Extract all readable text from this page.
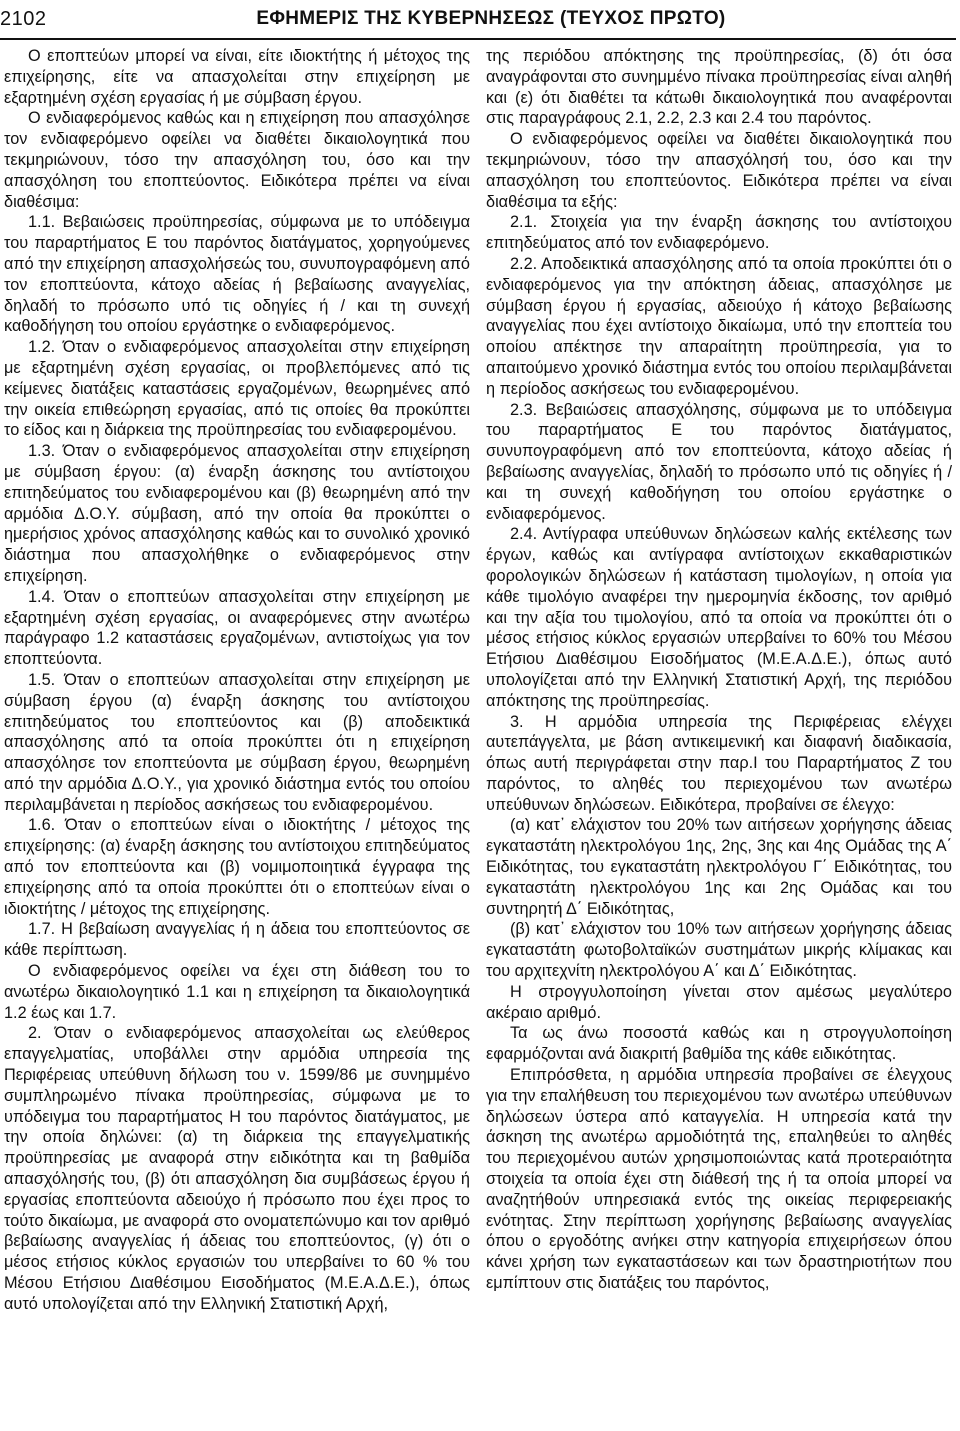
2102	ΕΦΗΜΕΡΙΣ ΤΗΣ ΚΥΒΕΡΝΗΣΕΩΣ (ΤΕΥΧΟΣ ΠΡΩΤΟ)

Ο εποπτεύων μπορεί να είναι, είτε ιδιοκτήτης ή μέτοχος της επιχείρησης, είτε να απασχολείται στην επιχείρηση με εξαρτημένη σχέση εργασίας ή με σύμβαση έργου.

Ο ενδιαφερόμενος καθώς και η επιχείρηση που απασχόλησε τον ενδιαφερόμενο οφείλει να διαθέτει δικαιολογητικά που τεκμηριώνουν, τόσο την απασχόληση του, όσο και την απασχόληση του εποπτεύοντος. Ειδικότερα πρέπει να είναι διαθέσιμα:

1.1. Βεβαιώσεις προϋπηρεσίας, σύμφωνα με το υπόδειγμα του παραρτήματος Ε του παρόντος διατάγματος, χορηγούμενες από την επιχείρηση απασχολήσεώς του, συνυπογραφόμενη από τον εποπτεύοντα, κάτοχο αδείας ή βεβαίωσης αναγγελίας, δηλαδή το πρόσωπο υπό τις οδηγίες ή / και τη συνεχή καθοδήγηση του οποίου εργάστηκε ο ενδιαφερόμενος.

1.2. Όταν ο ενδιαφερόμενος απασχολείται στην επιχείρηση με εξαρτημένη σχέση εργασίας, οι προβλεπόμενες από τις κείμενες διατάξεις καταστάσεις εργαζομένων, θεωρημένες από την οικεία επιθεώρηση εργασίας, από τις οποίες θα προκύπτει το είδος και η διάρκεια της προϋπηρεσίας του ενδιαφερομένου.

1.3. Όταν ο ενδιαφερόμενος απασχολείται στην επιχείρηση με σύμβαση έργου: (α) έναρξη άσκησης του αντίστοιχου επιτηδεύματος του ενδιαφερομένου και (β) θεωρημένη από την αρμόδια Δ.Ο.Υ. σύμβαση, από την οποία θα προκύπτει ο ημερήσιος χρόνος απασχόλησης καθώς και το συνολικό χρονικό διάστημα που απασχολήθηκε ο ενδιαφερόμενος στην επιχείρηση.

1.4. Όταν ο εποπτεύων απασχολείται στην επιχείρηση με εξαρτημένη σχέση εργασίας, οι αναφερόμενες στην ανωτέρω παράγραφο 1.2 καταστάσεις εργαζομένων, αντιστοίχως για τον εποπτεύοντα.

1.5. Όταν ο εποπτεύων απασχολείται στην επιχείρηση με σύμβαση έργου (α) έναρξη άσκησης του αντίστοιχου επιτηδεύματος του εποπτεύοντος και (β) αποδεικτικά απασχόλησης από τα οποία προκύπτει ότι η επιχείρηση απασχόλησε τον εποπτεύοντα με σύμβαση έργου, θεωρημένη από την αρμόδια Δ.Ο.Υ., για χρονικό διάστημα εντός του οποίου περιλαμβάνεται η περίοδος ασκήσεως του ενδιαφερομένου.

1.6. Όταν ο εποπτεύων είναι ο ιδιοκτήτης / μέτοχος της επιχείρησης: (α) έναρξη άσκησης του αντίστοιχου επιτηδεύματος από τον εποπτεύοντα και (β) νομιμοποιητικά έγγραφα της επιχείρησης από τα οποία προκύπτει ότι ο εποπτεύων είναι ο ιδιοκτήτης / μέτοχος της επιχείρησης.

1.7. Η βεβαίωση αναγγελίας ή η άδεια του εποπτεύοντος σε κάθε περίπτωση.

Ο ενδιαφερόμενος οφείλει να έχει στη διάθεση του το ανωτέρω δικαιολογητικό 1.1 και η επιχείρηση τα δικαιολογητικά 1.2 έως και 1.7.

2. Όταν ο ενδιαφερόμενος απασχολείται ως ελεύθερος επαγγελματίας, υποβάλλει στην αρμόδια υπηρεσία της Περιφέρειας υπεύθυνη δήλωση του ν. 1599/86 με συνημμένο συμπληρωμένο πίνακα προϋπηρεσίας, σύμφωνα με το υπόδειγμα του παραρτήματος Η του παρόντος διατάγματος, με την οποία δηλώνει: (α) τη διάρκεια της επαγγελματικής προϋπηρεσίας με αναφορά στην ειδικότητα και τη βαθμίδα απασχόλησής του, (β) ότι απασχόληση δια συμβάσεως έργου ή εργασίας εποπτεύοντα αδειούχο ή πρόσωπο που έχει προς το τούτο δικαίωμα, με αναφορά στο ονοματεπώνυμο και τον αριθμό βεβαίωσης αναγγελίας ή άδειας του εποπτεύοντος, (γ) ότι ο μέσος ετήσιος κύκλος εργασιών του υπερβαίνει το 60 % του Μέσου Ετήσιου Διαθέσιμου Εισοδήματος (Μ.Ε.Α.Δ.Ε.), όπως αυτό υπολογίζεται από την Ελληνική Στατιστική Αρχή,

της περιόδου απόκτησης της προϋπηρεσίας, (δ) ότι όσα αναγράφονται στο συνημμένο πίνακα προϋπηρεσίας είναι αληθή και (ε) ότι διαθέτει τα κάτωθι δικαιολογητικά που αναφέρονται στις παραγράφους 2.1, 2.2, 2.3 και 2.4 του παρόντος.

Ο ενδιαφερόμενος οφείλει να διαθέτει δικαιολογητικά που τεκμηριώνουν, τόσο την απασχόλησή του, όσο και την απασχόληση του εποπτεύοντος. Ειδικότερα πρέπει να είναι διαθέσιμα τα εξής:

2.1. Στοιχεία για την έναρξη άσκησης του αντίστοιχου επιτηδεύματος από τον ενδιαφερόμενο.

2.2. Αποδεικτικά απασχόλησης από τα οποία προκύπτει ότι ο ενδιαφερόμενος για την απόκτηση άδειας, απασχόλησε με σύμβαση έργου ή εργασίας, αδειούχο ή κάτοχο βεβαίωσης αναγγελίας που έχει αντίστοιχο δικαίωμα, υπό την εποπτεία του οποίου απέκτησε την απαραίτητη προϋπηρεσία, για το απαιτούμενο χρονικό διάστημα εντός του οποίου περιλαμβάνεται η περίοδος ασκήσεως του ενδιαφερομένου.

2.3. Βεβαιώσεις απασχόλησης, σύμφωνα με το υπόδειγμα του παραρτήματος Ε του παρόντος διατάγματος, συνυπογραφόμενη από τον εποπτεύοντα, κάτοχο αδείας ή βεβαίωσης αναγγελίας, δηλαδή το πρόσωπο υπό τις οδηγίες ή / και τη συνεχή καθοδήγηση του οποίου εργάστηκε ο ενδιαφερόμενος.

2.4. Αντίγραφα υπεύθυνων δηλώσεων καλής εκτέλεσης των έργων, καθώς και αντίγραφα αντίστοιχων εκκαθαριστικών φορολογικών δηλώσεων ή κατάσταση τιμολογίων, η οποία για κάθε τιμολόγιο αναφέρει την ημερομηνία έκδοσης, τον αριθμό και την αξία του τιμολογίου, από τα οποία να προκύπτει ότι ο μέσος ετήσιος κύκλος εργασιών υπερβαίνει το 60% του Μέσου Ετήσιου Διαθέσιμου Εισοδήματος (Μ.Ε.Α.Δ.Ε.), όπως αυτό υπολογίζεται από την Ελληνική Στατιστική Αρχή, της περιόδου απόκτησης της προϋπηρεσίας.

3. Η αρμόδια υπηρεσία της Περιφέρειας ελέγχει αυτεπάγγελτα, με βάση αντικειμενική και διαφανή διαδικασία, όπως αυτή περιγράφεται στην παρ.Ι του Παραρτήματος Ζ του παρόντος, το αληθές του περιεχομένου των ανωτέρω υπεύθυνων δηλώσεων. Ειδικότερα, προβαίνει σε έλεγχο:

(α) κατ᾽ ελάχιστον του 20% των αιτήσεων χορήγησης άδειας εγκαταστάτη ηλεκτρολόγου 1ης, 2ης, 3ης και 4ης Ομάδας της Α΄ Ειδικότητας, του εγκαταστάτη ηλεκτρολόγου Γ΄ Ειδικότητας, του εγκαταστάτη ηλεκτρολόγου 1ης και 2ης Ομάδας και του συντηρητή Δ΄ Ειδικότητας,

(β) κατ᾽ ελάχιστον του 10% των αιτήσεων χορήγησης άδειας εγκαταστάτη φωτοβολταϊκών συστημάτων μικρής κλίμακας και του αρχιτεχνίτη ηλεκτρολόγου Α΄ και Δ΄ Ειδικότητας.

Η στρογγυλοποίηση γίνεται στον αμέσως μεγαλύτερο ακέραιο αριθμό.

Τα ως άνω ποσοστά καθώς και η στρογγυλοποίηση εφαρμόζονται ανά διακριτή βαθμίδα της κάθε ειδικότητας.

Επιπρόσθετα, η αρμόδια υπηρεσία προβαίνει σε έλεγχους για την επαλήθευση του περιεχομένου των ανωτέρω υπεύθυνων δηλώσεων ύστερα από καταγγελία. Η υπηρεσία κατά την άσκηση της ανωτέρω αρμοδιότητά της, επαληθεύει το αληθές του περιεχομένου αυτών χρησιμοποιώντας κατά προτεραιότητα στοιχεία τα οποία έχει στη διάθεσή της ή τα οποία μπορεί να αναζητήθούν υπηρεσιακά εντός της οικείας περιφερειακής ενότητας. Στην περίπτωση χορήγησης βεβαίωσης αναγγελίας όπου ο εργοδότης ανήκει στην κατηγορία επιχειρήσεων όπου κάνει χρήση των εγκαταστάσεων και των δραστηριοτήτων που εμπίπτουν στις διατάξεις του παρόντος,
